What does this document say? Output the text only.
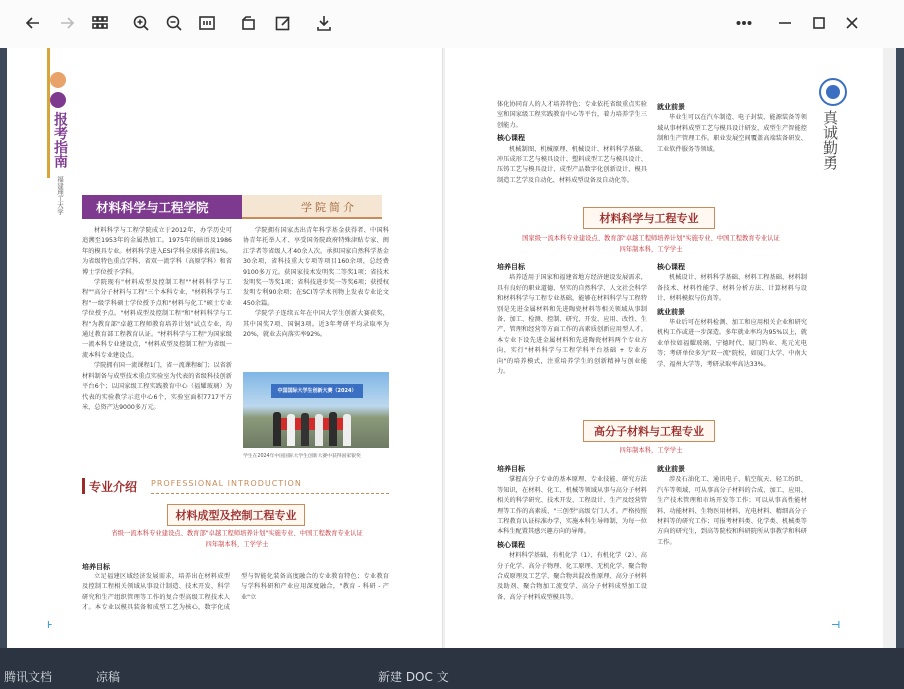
报考指南
福建理工大学	材料科学与工程学院	学院简介

材料科学与工程学院成立于2012年，办学历史可追溯至1953年的金属热加工。1975年的暗语及1986年的模具专业。材料科学进入ESI学科全球排名前1%。为省级特色重点学科、省双一流学科（高原学科）和省博士学位授予学科。

学院现有"材料成型及控制工程""材料科学与工程""高分子材料与工程"三个本科专业，"材料科学与工程"一级学科硕士学位授予点和"材料与化工"硕士专业学位授予点。"材料成型及控制工程"和"材料科学与工程"为教育部"卓越工程师教育培养计划"试点专业，均通过教育部工程教育认证。"材料科学与工程"为国家级一流本科专业建设点，"材料成型及控制工程"为省级一流本科专业建设点。

学院拥有国一流课程1门，省一流课程8门；以省新材料制备与成型技术重点实验室为代表的省级科技创新平台6个；以国家级工程实践教育中心（福耀玻璃）为代表的实验教学示范中心6个，实验室面积7717平方米，总资产达9000多万元。

学院拥有国家杰出青年科学基金获得者、中国科协青年托举人才、享受国务院政府特殊津贴专家、闽江学者等省级人才40余人次。承担国家自然科学基金30余项，省科技重大专项等项目160余项，总经费9100多万元。获国家技术发明奖二等奖1项；省技术发明奖一等奖1项；省科技进步奖一等奖6项；获授权发明专利90余项；在SCI等学术刊物上发表专业论文450余篇。

学院学子连续五年在中国大学生创新大赛获奖，其中国奖7项、国铜3项。近3年考研平均录取率为20%，就业去向落实率92%。

中国国际大学生创新大赛（2024）
学生在2024年中国国际大学生创新大赛中获得国家银奖
专业介绍 PROFESSIONAL INTRODUCTION
材料成型及控制工程专业
省级一流本科专业建设点、教育部"卓越工程师培养计划"实施专业、中国工程教育专业认证
四年制本科，工学学士

培养目标

立足福建区域经济发展需求，培养出在材料成型及控制工程相关领域从事设计制造、技术开发、科学研究和生产组织管理等工作的复合型高级工程技术人才。本专业以模具装备和成型工艺为核心，数字化成型与智能化装备高度融合的专业教育特色；专业教育与学科科研和产业应用深度融合，"教育 - 科研 - 产业"立

⊦
真诚勤勇

体化协同育人的人才培养特色；专业依托省级重点实验室和国家级工程实践教育中心等平台，着力培养学生三创能力。

核心课程

机械制图、机械原理、机械设计、材料科学基础、冲压成形工艺与模具设计、塑料成型工艺与模具设计、压铸工艺与模具设计、成型产品数字化创新设计、模具制造工艺学及自动化、材料成型设备及自动化等。

就业前景

毕业生可以在汽车制造、电子封装、能源装备等领域从事材料成型工艺与模具设计研发、成型生产智能控制和生产管理工作。职业发展空间覆盖高端装备研发、工业软件服务等领域。

材料科学与工程专业
国家级一流本科专业建设点、教育部"卓越工程师培养计划"实施专业、中国工程教育专业认证
四年制本科，工学学士

培养目标

培养适用于国家和福建省地方经济建设发展需求，具有良好的职业道德、坚实的自然科学、人文社会科学和材料科学与工程专业基础，能够在材料科学与工程特别是先进金属材料和先进陶瓷材料等相关领域从事制备、加工、检测、控制、研究、开发、应用、改性、生产、管理和经营等方面工作的高素质创新应用型人才。本专业下设先进金属材料和先进陶瓷材料两个专业方向，实行"材料科学与工程学科平台基础 + 专业方向"的培养模式，注重培养学生的创新精神与创业能力。

核心课程

机械设计、材料科学基础、材料工程基础、材料制备技术、材料性能学、材料分析方法、计算材料与设计、材料模拟与仿真等。

就业前景

毕业后可在材料检测、加工和应用相关企业和研究机构工作或进一步深造。多年就业率均为95%以上，就业单位如福耀玻璃、宁德时代、厦门钨业、兆元光电等；考研单位多为"双一流"院校，如厦门大学、中南大学、福州大学等，考研录取率高达33%。

高分子材料与工程专业
四年制本科，工学学士

培养目标

掌握高分子专业的基本原理、专业技能、研究方法等知识，在材料、化工、机械等领域从事与高分子材料相关的科学研究、技术开发、工程设计、生产及经营管理等工作的高素质、"三创型"高级专门人才。严格按照工程教育认证标准办学，实施本科生导师制，为每一位本科生配置其感兴趣方向的导师。

核心课程

材料科学基础、有机化学（1）、有机化学（2）、高分子化学、高分子物理、化工原理、无机化学、聚合物合成原理及工艺学、聚合物共混改性原理、高分子材料及助剂、聚合物加工流变学、高分子材料成型加工设备、高分子材料成型模具等。

就业前景

涉及石油化工、通讯电子、航空航天、轻工纺织、汽车等领域，可从事高分子材料的合成、加工、应用、生产技术管理和市场开发等工作；可以从事高性能材料、功能材料、生物医用材料、光电材料、精细高分子材料等的研究工作；可报考材料类、化学类、机械类等方向的研究生，到高等院校和科研院所从事教学和科研工作。

⊣
腾讯文档	凉稿	新建 DOC 文
